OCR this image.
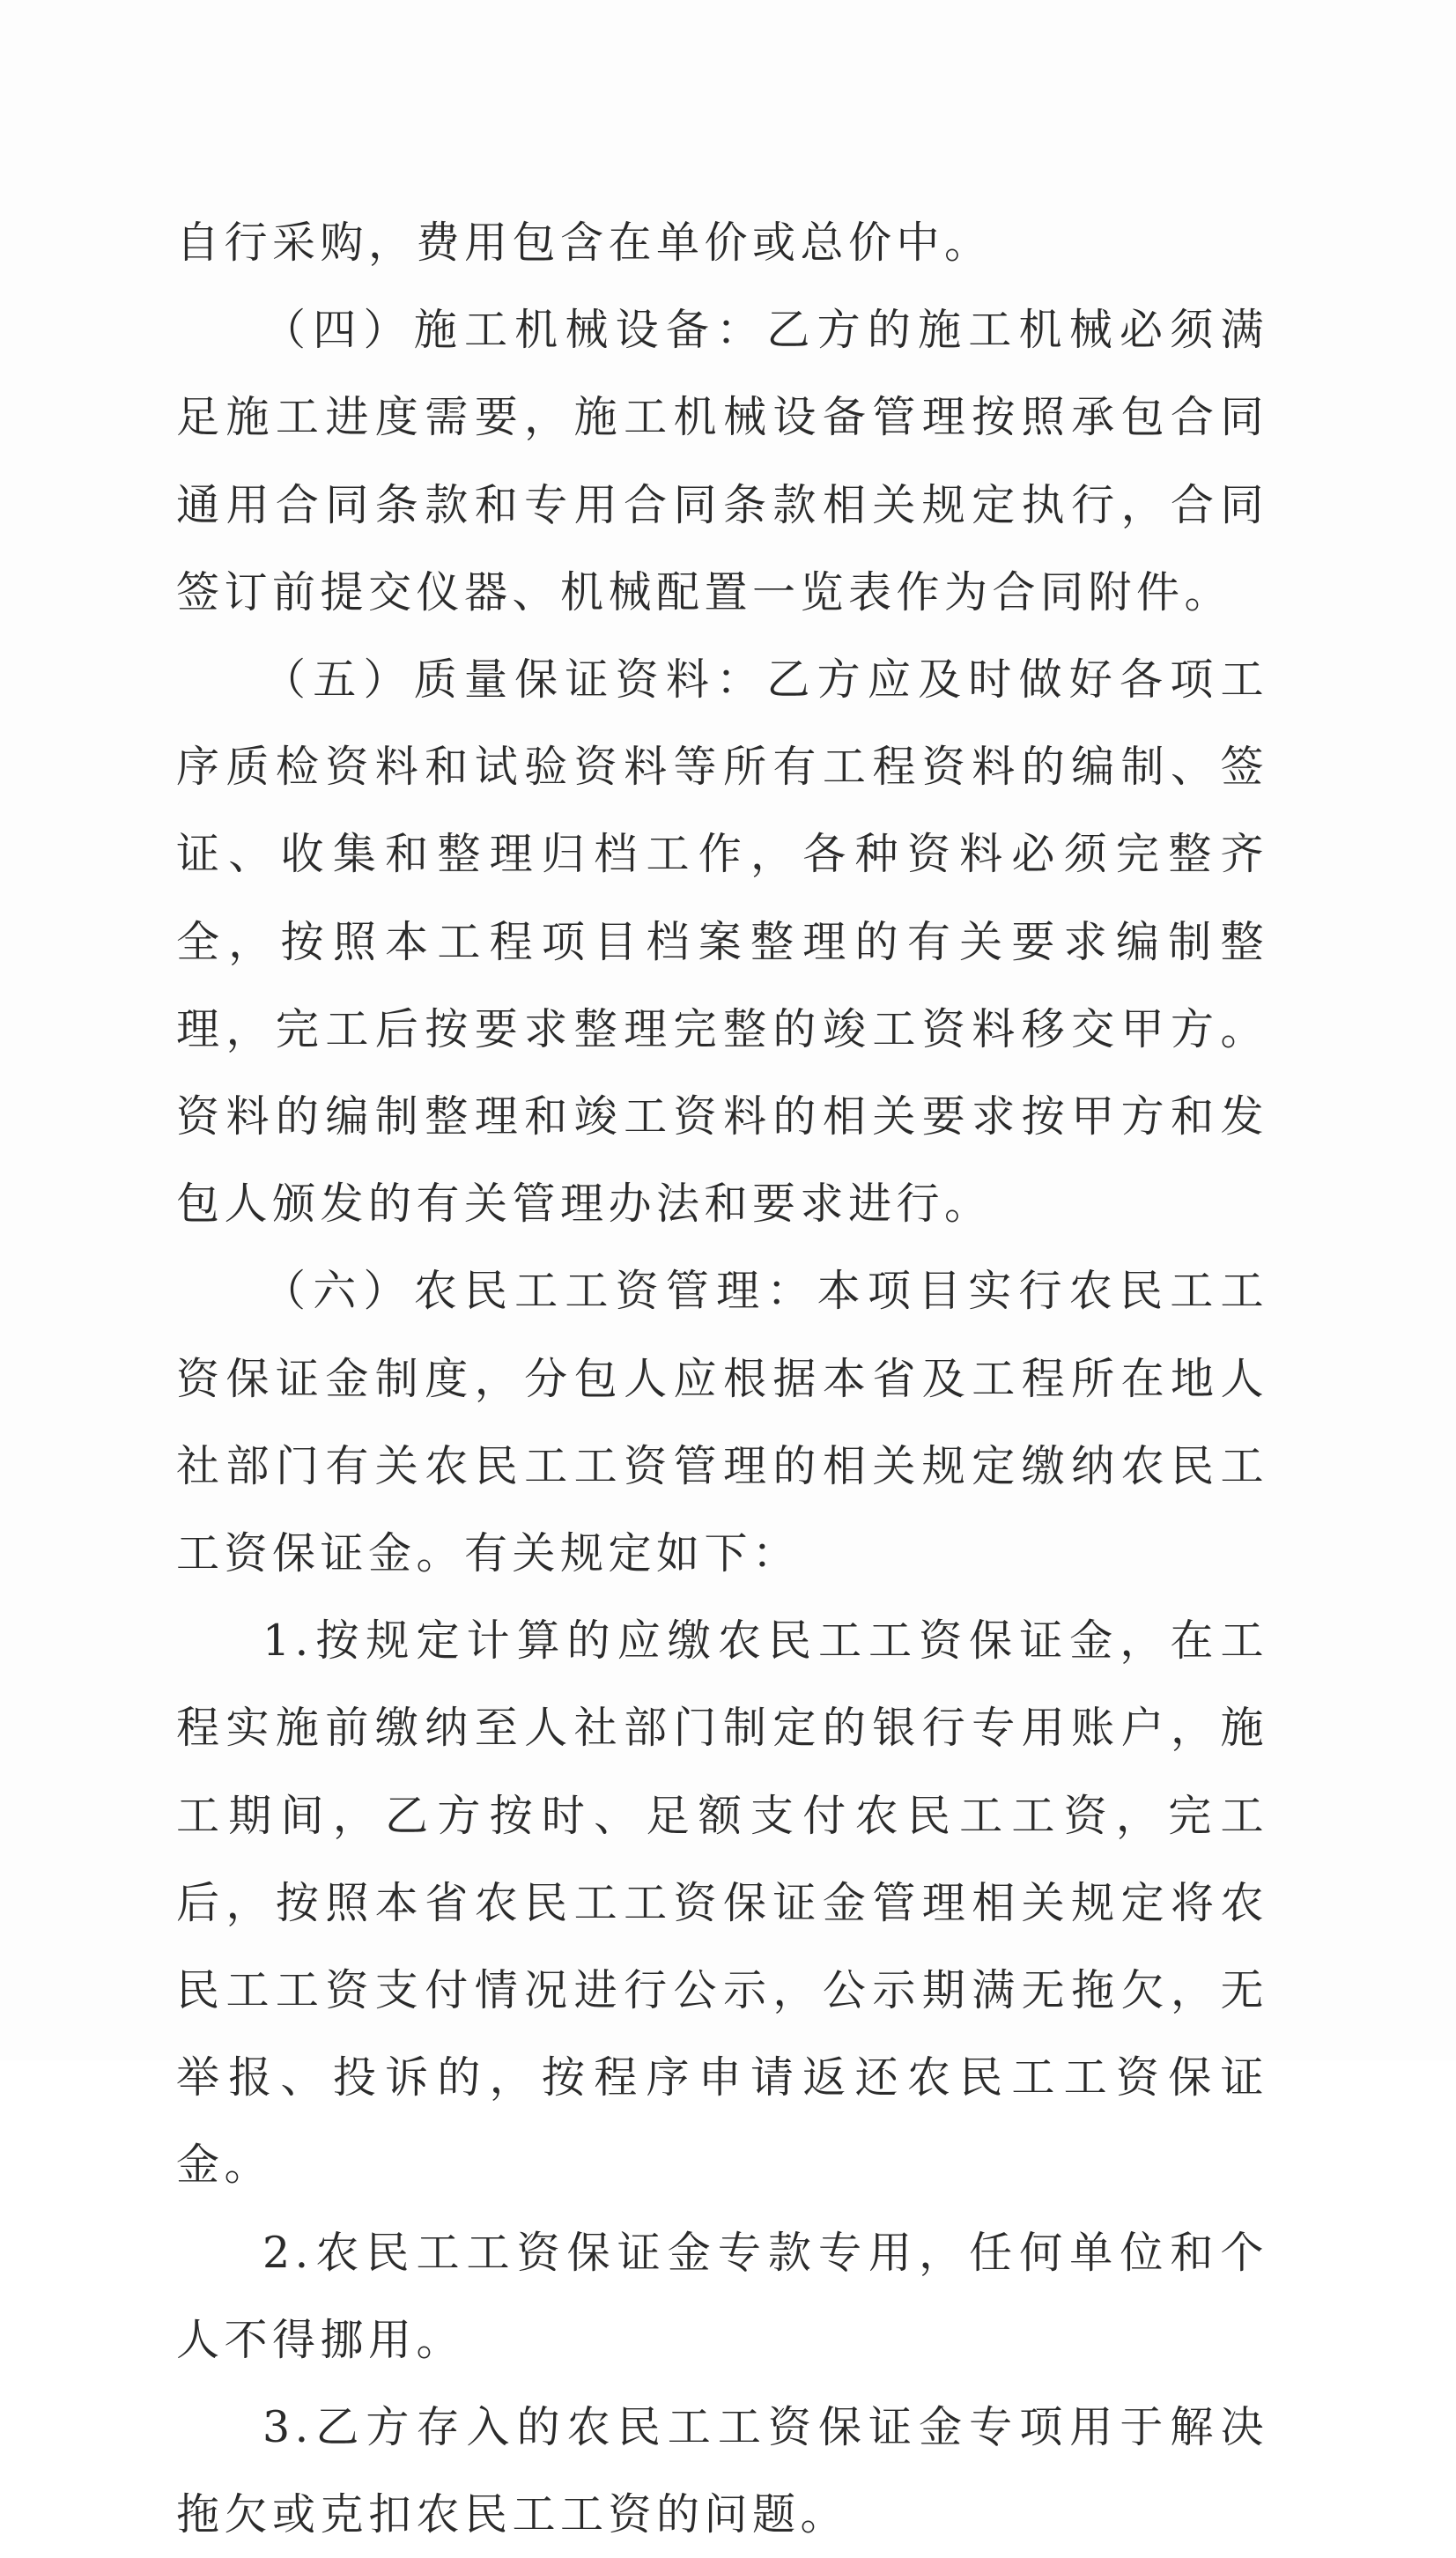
自行采购，费用包含在单价或总价中。

（四）施工机械设备：乙方的施工机械必须满足施工进度需要，施工机械设备管理按照承包合同通用合同条款和专用合同条款相关规定执行，合同签订前提交仪器、机械配置一览表作为合同附件。

（五）质量保证资料：乙方应及时做好各项工序质检资料和试验资料等所有工程资料的编制、签证、收集和整理归档工作，各种资料必须完整齐全，按照本工程项目档案整理的有关要求编制整理，完工后按要求整理完整的竣工资料移交甲方。资料的编制整理和竣工资料的相关要求按甲方和发包人颁发的有关管理办法和要求进行。

（六）农民工工资管理：本项目实行农民工工资保证金制度，分包人应根据本省及工程所在地人社部门有关农民工工资管理的相关规定缴纳农民工工资保证金。有关规定如下：

1.按规定计算的应缴农民工工资保证金，在工程实施前缴纳至人社部门制定的银行专用账户，施工期间，乙方按时、足额支付农民工工资，完工后，按照本省农民工工资保证金管理相关规定将农民工工资支付情况进行公示，公示期满无拖欠，无举报、投诉的，按程序申请返还农民工工资保证金。

2.农民工工资保证金专款专用，任何单位和个人不得挪用。

3.乙方存入的农民工工资保证金专项用于解决拖欠或克扣农民工工资的问题。
